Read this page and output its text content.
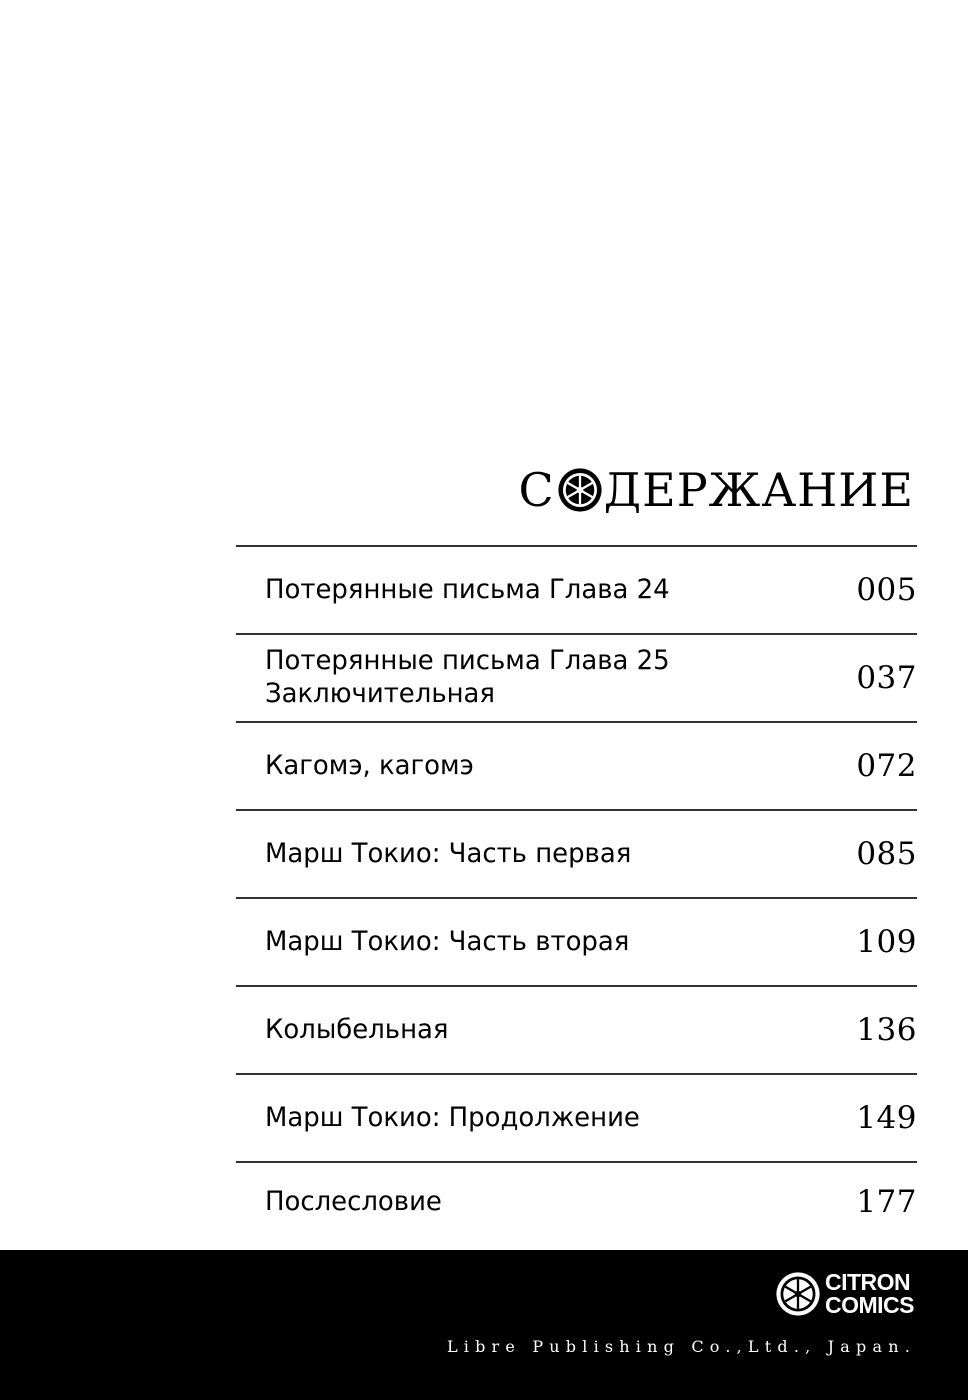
С ДЕРЖАНИЕ
Потерянные письма Глава 24	005
Потерянные письма Глава 25
Заключительная	037
Кагомэ, кагомэ	072
Марш Токио: Часть первая	085
Марш Токио: Часть вторая	109
Колыбельная	136
Марш Токио: Продолжение	149
Послесловие	177
CITRON
COMICS
Libre Publishing Co.,Ltd., Japan.
